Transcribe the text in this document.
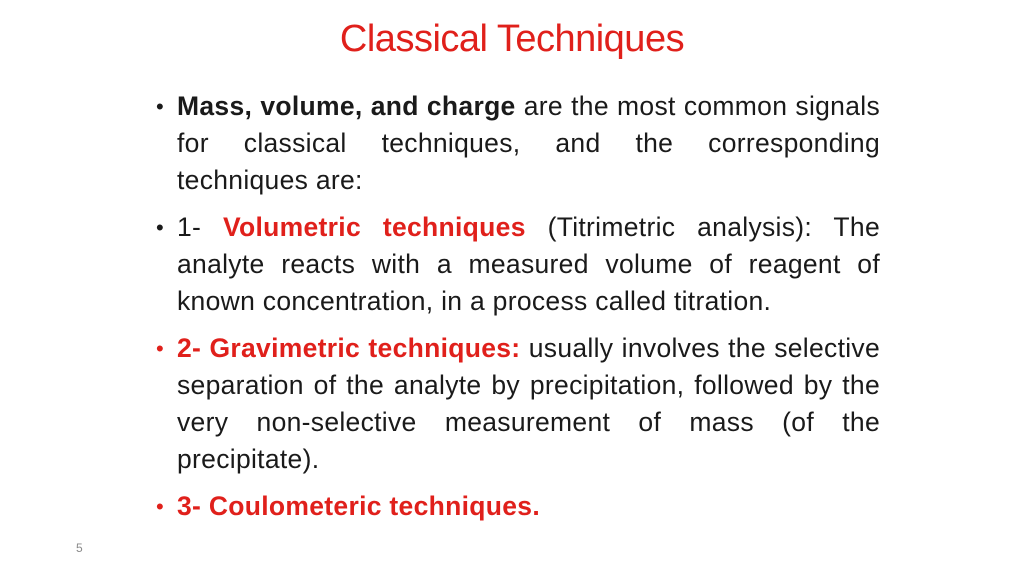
Classical Techniques
• Mass, volume, and charge are the most common signals for classical techniques, and the corresponding techniques are:
• 1- Volumetric techniques (Titrimetric analysis): The analyte reacts with a measured volume of reagent of known concentration, in a process called titration.
• 2- Gravimetric techniques: usually involves the selective separation of the analyte by precipitation, followed by the very non-selective measurement of mass (of the precipitate).
• 3- Coulometeric techniques.
5
